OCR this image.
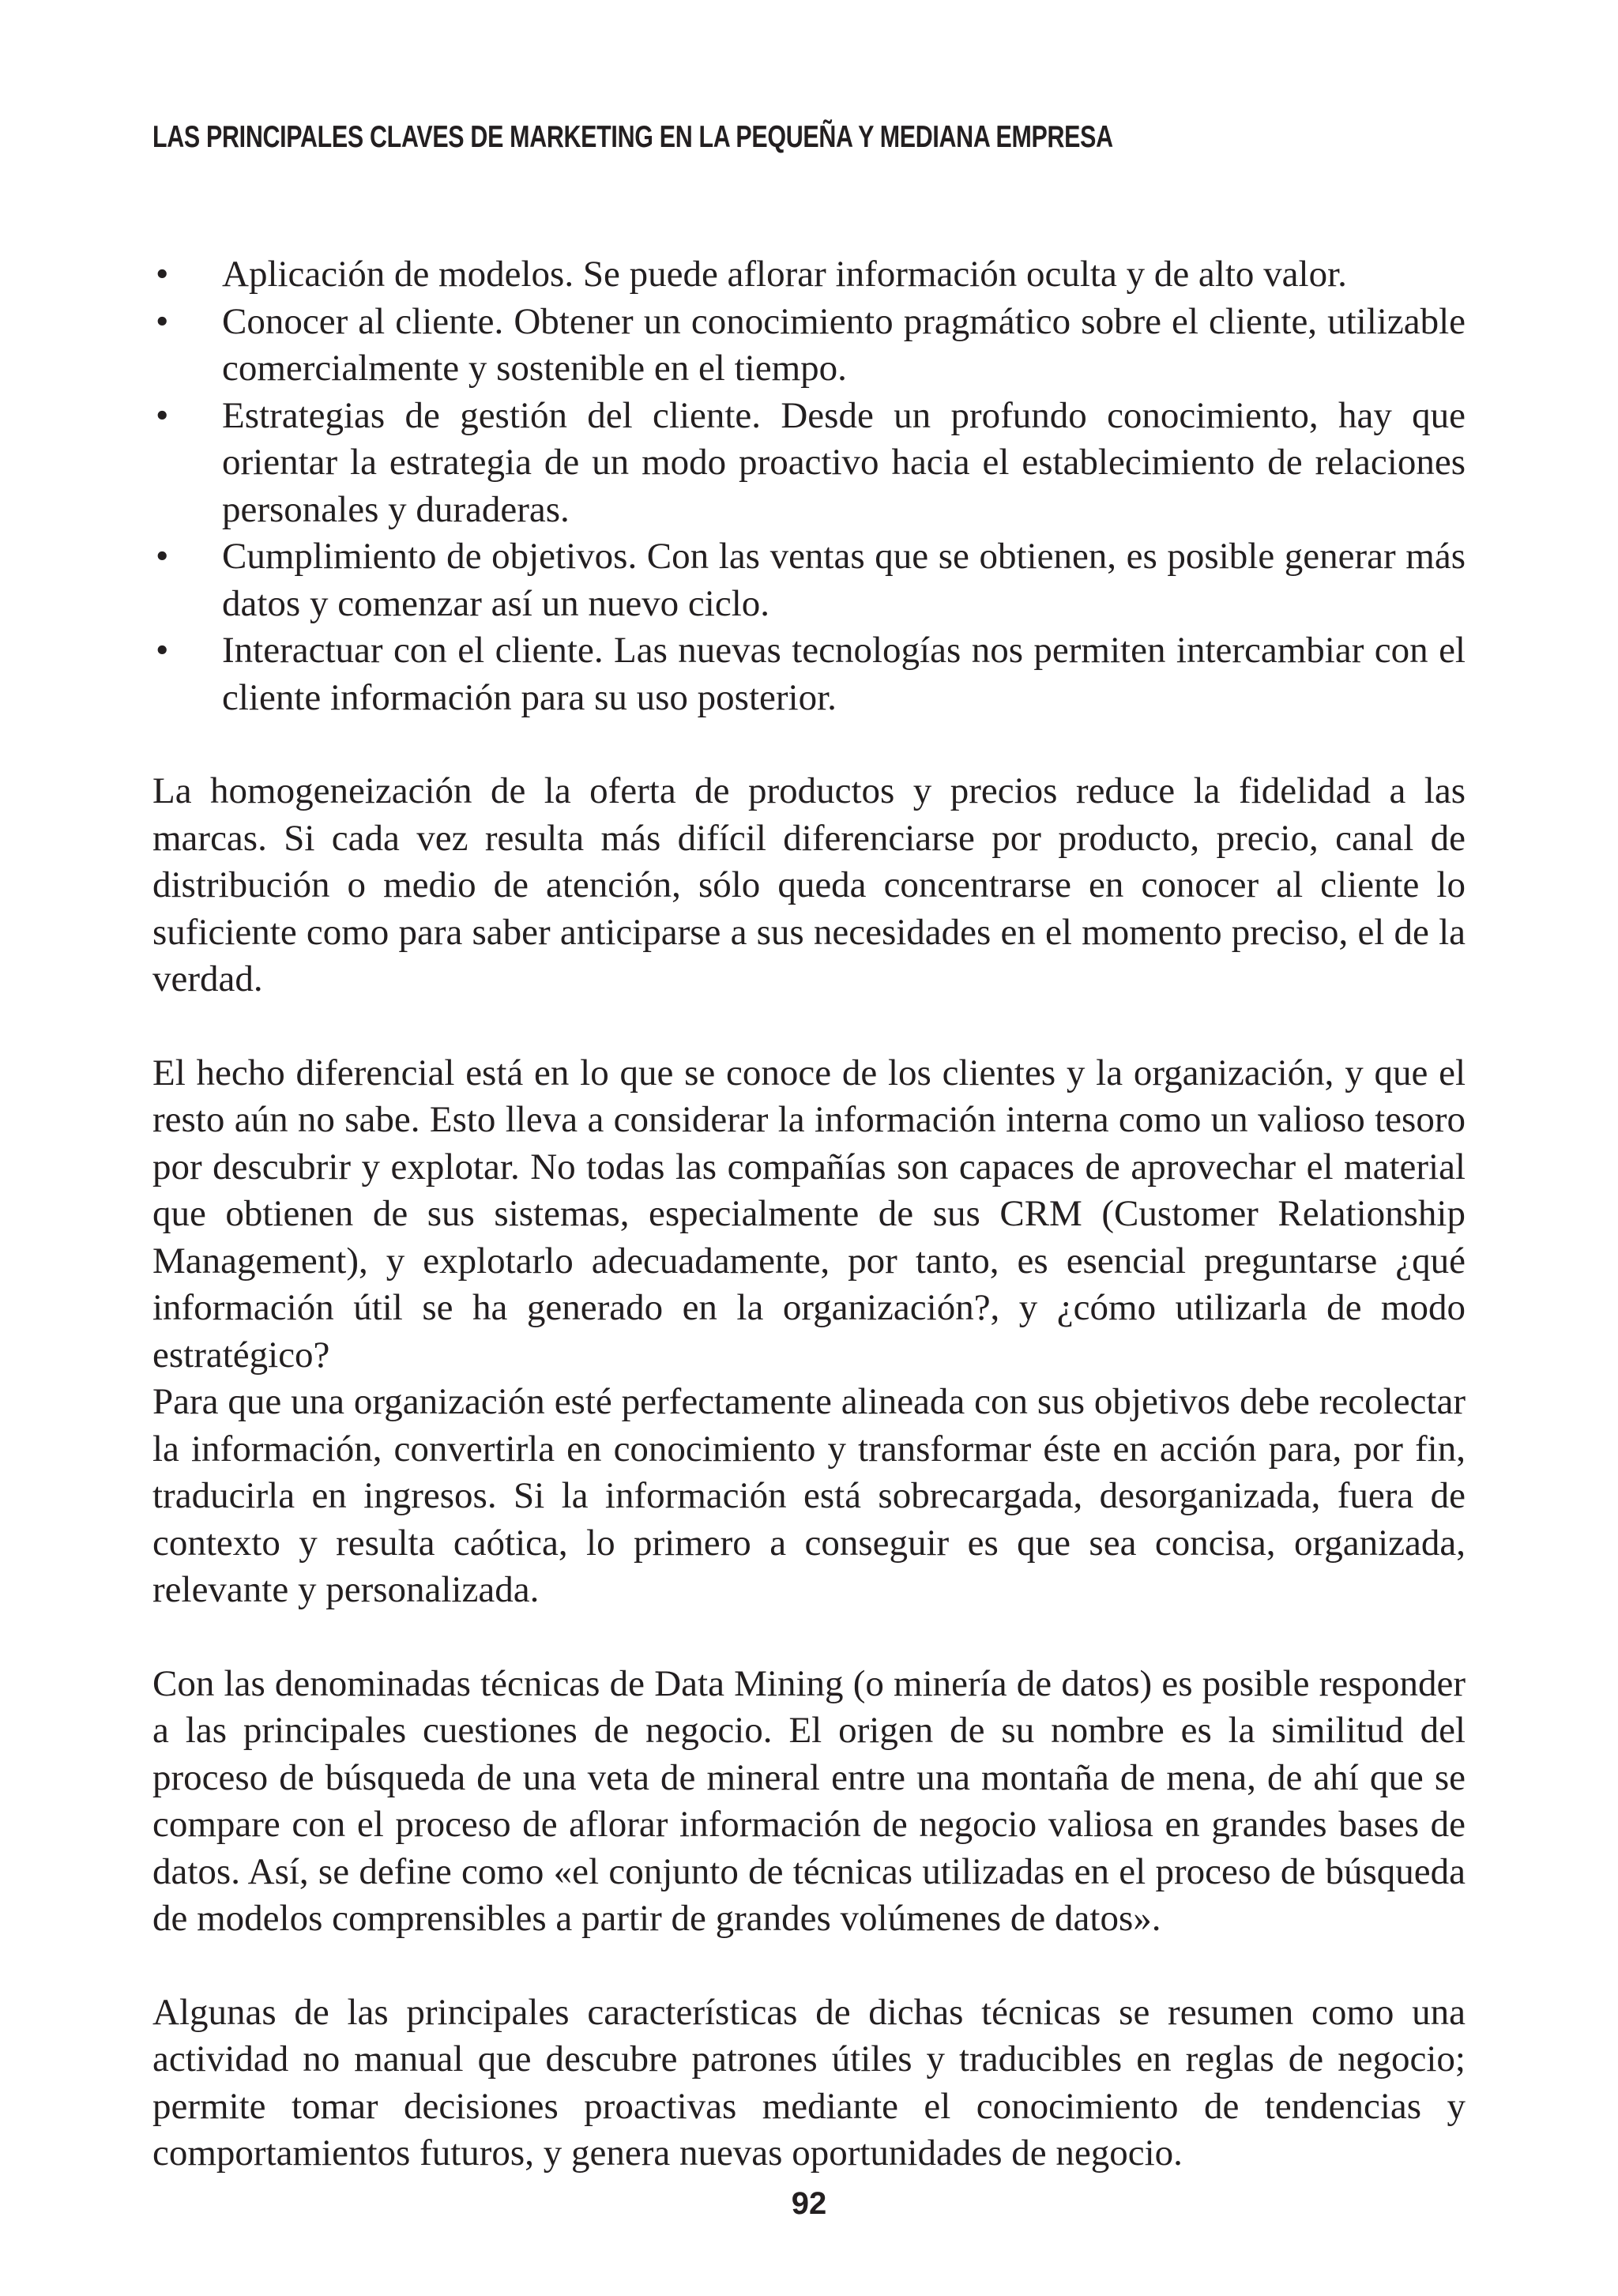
LAS PRINCIPALES CLAVES DE MARKETING EN LA PEQUEÑA Y MEDIANA EMPRESA
•	Aplicación de modelos. Se puede aflorar información oculta y de alto valor.
•	Conocer al cliente. Obtener un conocimiento pragmático sobre el cliente, utilizable comercialmente y sostenible en el tiempo.
•	Estrategias de gestión del cliente. Desde un profundo conocimiento, hay que orientar la estrategia de un modo proactivo hacia el establecimiento de relaciones personales y duraderas.
•	Cumplimiento de objetivos. Con las ventas que se obtienen, es posible generar más datos y comenzar así un nuevo ciclo.
•	Interactuar con el cliente. Las nuevas tecnologías nos permiten intercambiar con el cliente información para su uso posterior.

La homogeneización de la oferta de productos y precios reduce la fidelidad a las marcas. Si cada vez resulta más difícil diferenciarse por producto, precio, canal de distribución o medio de atención, sólo queda concentrarse en conocer al cliente lo suficiente como para saber anticiparse a sus necesidades en el momento preciso, el de la verdad.

El hecho diferencial está en lo que se conoce de los clientes y la organización, y que el resto aún no sabe. Esto lleva a considerar la información interna como un valioso tesoro por descubrir y explotar. No todas las compañías son capaces de aprovechar el material que obtienen de sus sistemas, especialmente de sus CRM (Customer Relationship Management), y explotarlo adecuadamente, por tanto, es esencial preguntarse ¿qué información útil se ha generado en la organización?, y ¿cómo utilizarla de modo estratégico?

Para que una organización esté perfectamente alineada con sus objetivos debe recolectar la información, convertirla en conocimiento y transformar éste en acción para, por fin, traducirla en ingresos. Si la información está sobrecargada, desorganizada, fuera de contexto y resulta caótica, lo primero a conseguir es que sea concisa, organizada, relevante y personalizada.

Con las denominadas técnicas de Data Mining (o minería de datos) es posible responder a las principales cuestiones de negocio. El origen de su nombre es la similitud del proceso de búsqueda de una veta de mineral entre una montaña de mena, de ahí que se compare con el proceso de aflorar información de negocio valiosa en grandes bases de datos. Así, se define como «el conjunto de técnicas utilizadas en el proceso de búsqueda de modelos comprensibles a partir de grandes volúmenes de datos».

Algunas de las principales características de dichas técnicas se resumen como una actividad no manual que descubre patrones útiles y traducibles en reglas de negocio; permite tomar decisiones proactivas mediante el conocimiento de tendencias y comportamientos futuros, y genera nuevas oportunidades de negocio.

92
